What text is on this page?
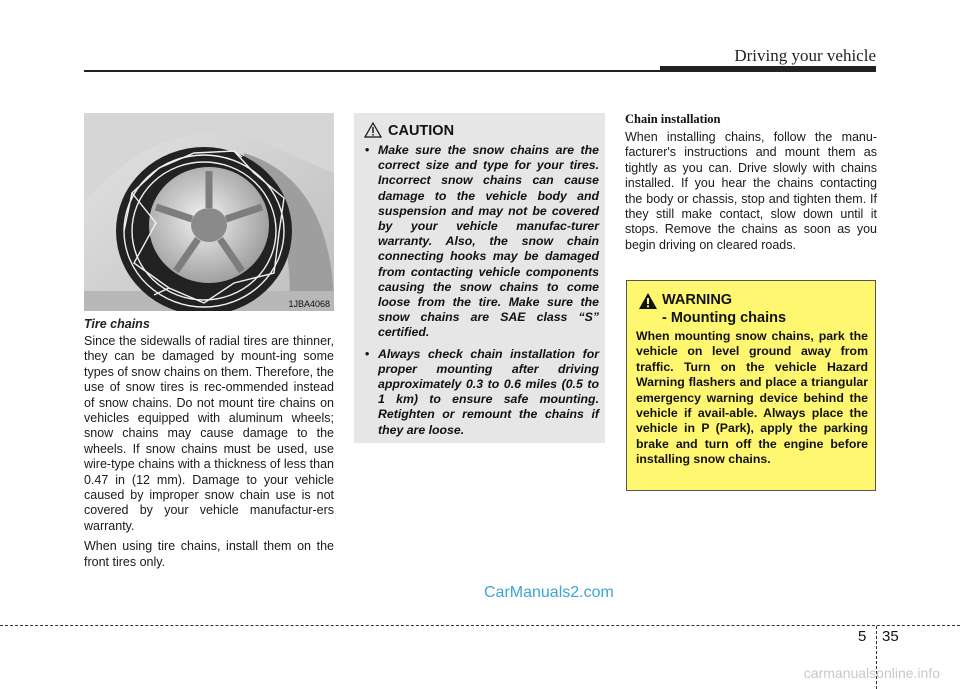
Driving your vehicle
1JBA4068
Tire chains

Since the sidewalls of radial tires are thinner, they can be damaged by mount-ing some types of snow chains on them. Therefore, the use of snow tires is rec-ommended instead of snow chains. Do not mount tire chains on vehicles equipped with aluminum wheels; snow chains may cause damage to the wheels. If snow chains must be used, use wire-type chains with a thickness of less than 0.47 in (12 mm). Damage to your vehicle caused by improper snow chain use is not covered by your vehicle manufactur-ers warranty.

When using tire chains, install them on the front tires only.

CAUTION
• Make sure the snow chains are the correct size and type for your tires. Incorrect snow chains can cause damage to the vehicle body and suspension and may not be covered by your vehicle manufac-turer warranty. Also, the snow chain connecting hooks may be damaged from contacting vehicle components causing the snow chains to come loose from the tire. Make sure the snow chains are SAE class “S” certified.
• Always check chain installation for proper mounting after driving approximately 0.3 to 0.6 miles (0.5 to 1 km) to ensure safe mounting. Retighten or remount the chains if they are loose.
Chain installation

When installing chains, follow the manu-facturer's instructions and mount them as tightly as you can. Drive slowly with chains installed. If you hear the chains contacting the body or chassis, stop and tighten them. If they still make contact, slow down until it stops. Remove the chains as soon as you begin driving on cleared roads.

WARNING
- Mounting chains

When mounting snow chains, park the vehicle on level ground away from traffic. Turn on the vehicle Hazard Warning flashers and place a triangular emergency warning device behind the vehicle if avail-able. Always place the vehicle in P (Park), apply the parking brake and turn off the engine before installing snow chains.

CarManuals2.com
5 35
carmanualsonline.info
